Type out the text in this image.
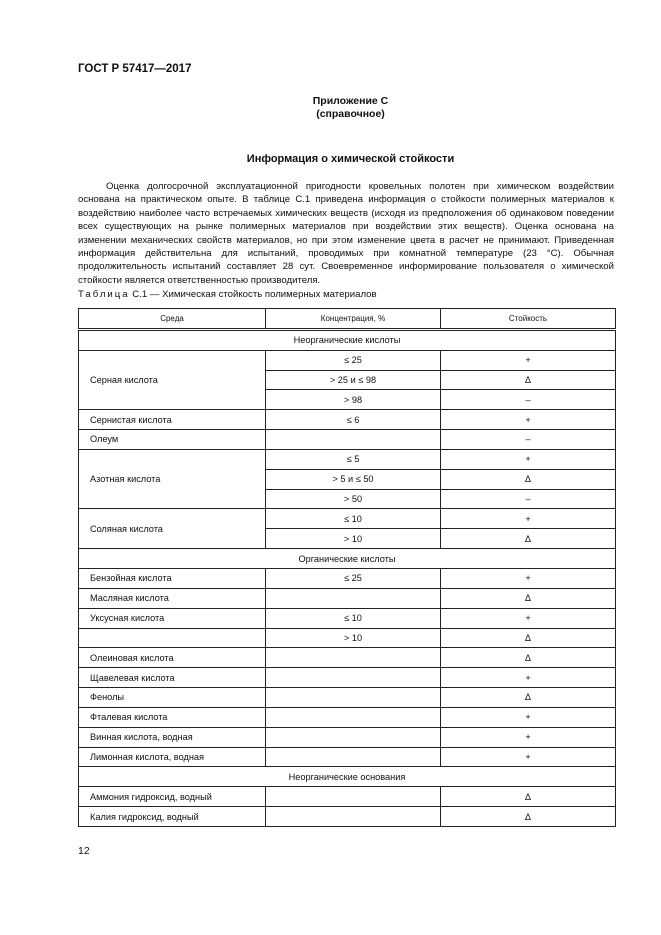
ГОСТ Р 57417—2017
Приложение С
(справочное)
Информация о химической стойкости
Оценка долгосрочной эксплуатационной пригодности кровельных полотен при химическом воздействии основана на практическом опыте. В таблице С.1 приведена информация о стойкости полимерных материалов к воздействию наиболее часто встречаемых химических веществ (исходя из предположения об одинаковом поведении всех существующих на рынке полимерных материалов при воздействии этих веществ). Оценка основана на изменении механических свойств материалов, но при этом изменение цвета в расчет не принимают. Приведенная информация действительна для испытаний, проводимых при комнатной температуре (23 °С). Обычная продолжительность испытаний составляет 28 сут. Своевременное информирование пользователя о химической стойкости является ответственностью производителя.
Таблица С.1 — Химическая стойкость полимерных материалов
Среда	Концентрация, %	Стойкость
Неорганические кислоты		
Серная кислота	≤ 25	+
	> 25 и ≤ 98	Δ
	> 98	–
Сернистая кислота	≤ 6	+
Олеум		–
Азотная кислота	≤ 5	+
	> 5 и ≤ 50	Δ
	> 50	–
Соляная кислота	≤ 10	+
	> 10	Δ
Органические кислоты		
Бензойная кислота	≤ 25	+
Масляная кислота		Δ
Уксусная кислота	≤ 10	+
	> 10	Δ
Олеиновая кислота		Δ
Щавелевая кислота		+
Фенолы		Δ
Фталевая кислота		+
Винная кислота, водная		+
Лимонная кислота, водная		+
Неорганические основания		
Аммония гидроксид, водный		Δ
Калия гидроксид, водный		Δ
12
